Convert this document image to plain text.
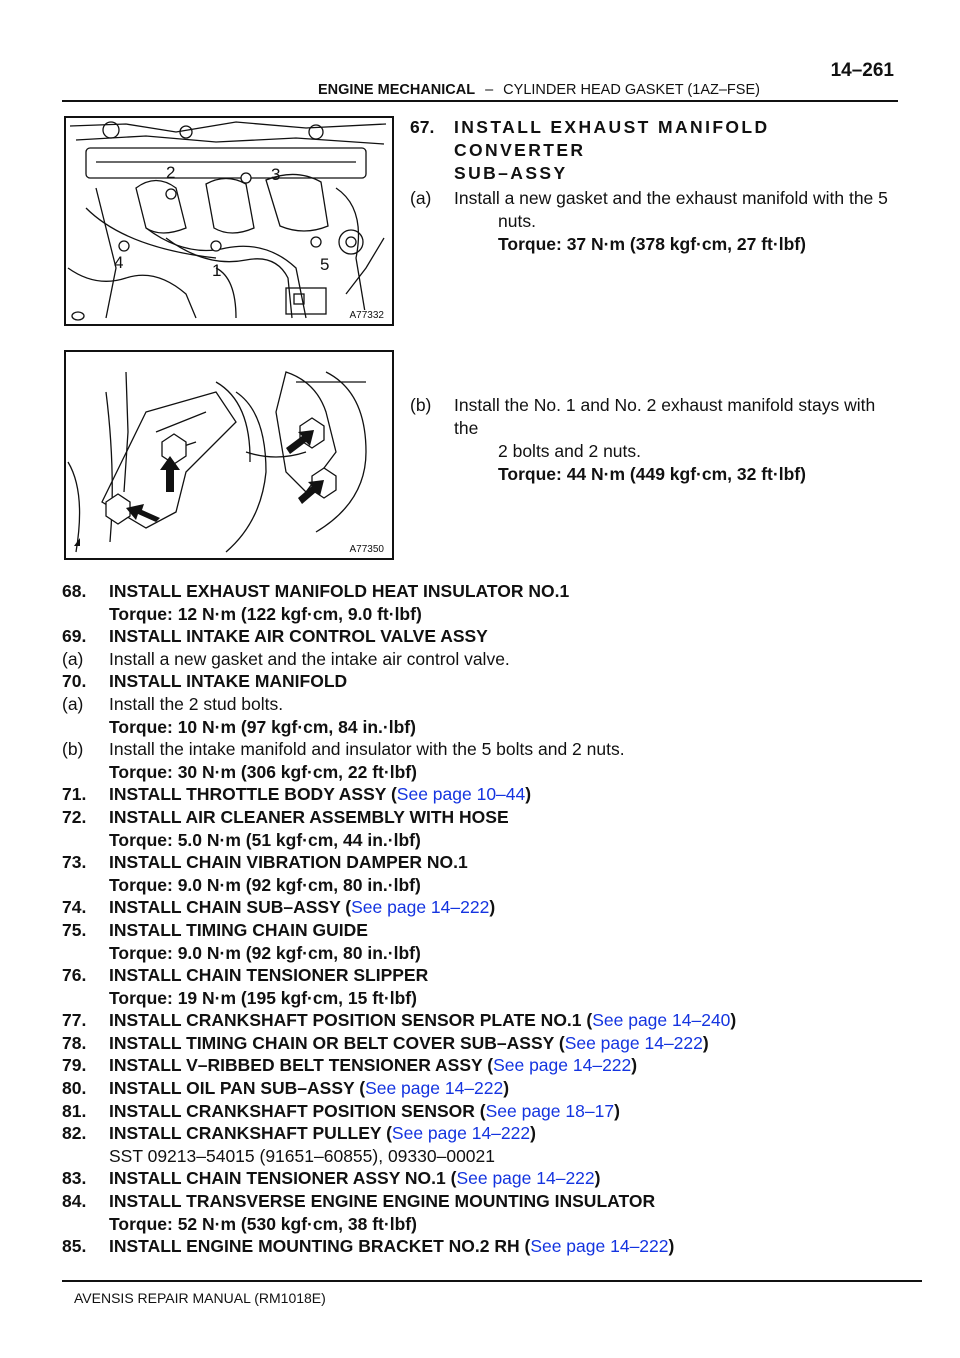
14–261
ENGINE MECHANICAL – CYLINDER HEAD GASKET (1AZ–FSE)
2	3
4	1	5
A77332
A77350
67.	INSTALL EXHAUST MANIFOLD CONVERTER
SUB–ASSY
(a)	Install a new gasket and the exhaust manifold with the 5
nuts.
Torque: 37 N·m (378 kgf·cm, 27 ft·lbf)
(b)	Install the No. 1 and No. 2 exhaust manifold stays with the
2 bolts and 2 nuts.
Torque: 44 N·m (449 kgf·cm, 32 ft·lbf)
68.	INSTALL EXHAUST MANIFOLD HEAT INSULATOR NO.1
Torque: 12 N·m (122 kgf·cm, 9.0 ft·lbf)
69.	INSTALL INTAKE AIR CONTROL VALVE ASSY
(a)	Install a new gasket and the intake air control valve.
70.	INSTALL INTAKE MANIFOLD
(a)	Install the 2 stud bolts.
Torque: 10 N·m (97 kgf·cm, 84 in.·lbf)
(b)	Install the intake manifold and insulator with the 5 bolts and 2 nuts.
Torque: 30 N·m (306 kgf·cm, 22 ft·lbf)
71.	INSTALL THROTTLE BODY ASSY (See page 10–44)
72.	INSTALL AIR CLEANER ASSEMBLY WITH HOSE
Torque: 5.0 N·m (51 kgf·cm, 44 in.·lbf)
73.	INSTALL CHAIN VIBRATION DAMPER NO.1
Torque: 9.0 N·m (92 kgf·cm, 80 in.·lbf)
74.	INSTALL CHAIN SUB–ASSY (See page 14–222)
75.	INSTALL TIMING CHAIN GUIDE
Torque: 9.0 N·m (92 kgf·cm, 80 in.·lbf)
76.	INSTALL CHAIN TENSIONER SLIPPER
Torque: 19 N·m (195 kgf·cm, 15 ft·lbf)
77.	INSTALL CRANKSHAFT POSITION SENSOR PLATE NO.1 (See page 14–240)
78.	INSTALL TIMING CHAIN OR BELT COVER SUB–ASSY (See page 14–222)
79.	INSTALL V–RIBBED BELT TENSIONER ASSY (See page 14–222)
80.	INSTALL OIL PAN SUB–ASSY (See page 14–222)
81.	INSTALL CRANKSHAFT POSITION SENSOR (See page 18–17)
82.	INSTALL CRANKSHAFT PULLEY (See page 14–222)
SST 09213–54015 (91651–60855), 09330–00021
83.	INSTALL CHAIN TENSIONER ASSY NO.1 (See page 14–222)
84.	INSTALL TRANSVERSE ENGINE ENGINE MOUNTING INSULATOR
Torque: 52 N·m (530 kgf·cm, 38 ft·lbf)
85.	INSTALL ENGINE MOUNTING BRACKET NO.2 RH (See page 14–222)
AVENSIS REPAIR MANUAL (RM1018E)
